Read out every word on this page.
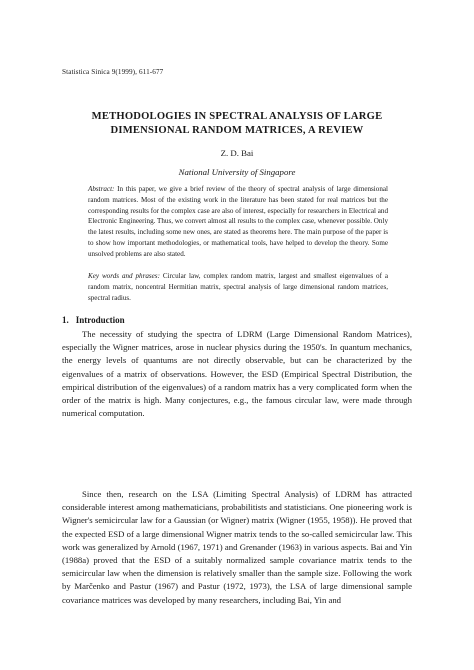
Statistica Sinica 9(1999), 611-677
METHODOLOGIES IN SPECTRAL ANALYSIS OF LARGE
DIMENSIONAL RANDOM MATRICES, A REVIEW
Z. D. Bai
National University of Singapore
Abstract: In this paper, we give a brief review of the theory of spectral analysis of large dimensional random matrices. Most of the existing work in the literature has been stated for real matrices but the corresponding results for the complex case are also of interest, especially for researchers in Electrical and Electronic Engineering. Thus, we convert almost all results to the complex case, whenever possible. Only the latest results, including some new ones, are stated as theorems here. The main purpose of the paper is to show how important methodologies, or mathematical tools, have helped to develop the theory. Some unsolved problems are also stated.
Key words and phrases: Circular law, complex random matrix, largest and smallest eigenvalues of a random matrix, noncentral Hermitian matrix, spectral analysis of large dimensional random matrices, spectral radius.
1. Introduction

The necessity of studying the spectra of LDRM (Large Dimensional Random Matrices), especially the Wigner matrices, arose in nuclear physics during the 1950's. In quantum mechanics, the energy levels of quantums are not directly observable, but can be characterized by the eigenvalues of a matrix of observations. However, the ESD (Empirical Spectral Distribution, the empirical distribution of the eigenvalues) of a random matrix has a very complicated form when the order of the matrix is high. Many conjectures, e.g., the famous circular law, were made through numerical computation.

Since then, research on the LSA (Limiting Spectral Analysis) of LDRM has attracted considerable interest among mathematicians, probabilitists and statisticians. One pioneering work is Wigner's semicircular law for a Gaussian (or Wigner) matrix (Wigner (1955, 1958)). He proved that the expected ESD of a large dimensional Wigner matrix tends to the so-called semicircular law. This work was generalized by Arnold (1967, 1971) and Grenander (1963) in various aspects. Bai and Yin (1988a) proved that the ESD of a suitably normalized sample covariance matrix tends to the semicircular law when the dimension is relatively smaller than the sample size. Following the work by Marčenko and Pastur (1967) and Pastur (1972, 1973), the LSA of large dimensional sample covariance matrices was developed by many researchers, including Bai, Yin and
